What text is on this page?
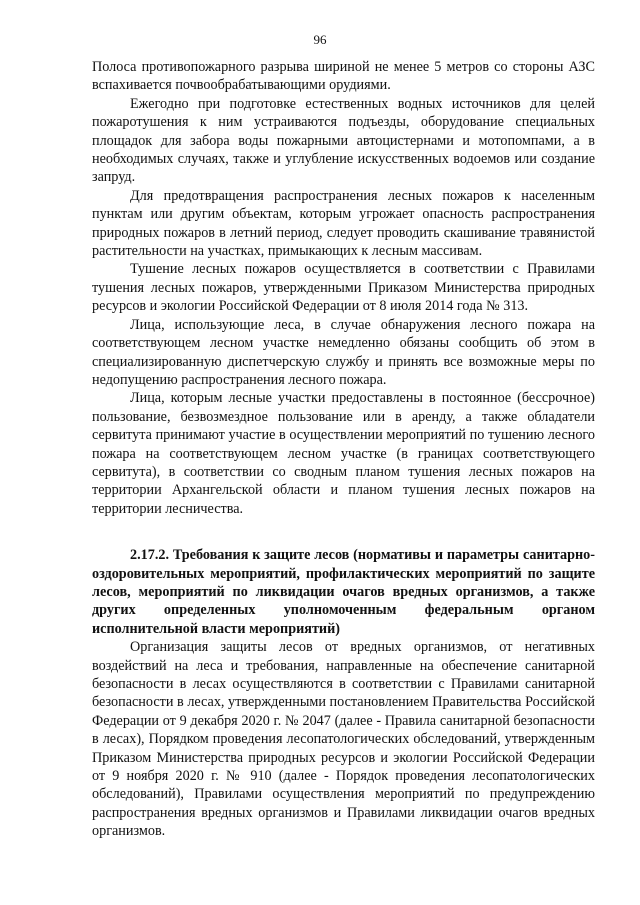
96

Полоса противопожарного разрыва шириной не менее 5 метров со стороны АЗС вспахивается почвообрабатывающими орудиями.

Ежегодно при подготовке естественных водных источников для целей пожаротушения к ним устраиваются подъезды, оборудование специальных площадок для забора воды пожарными автоцистернами и мотопомпами, а в необходимых случаях, также и углубление искусственных водоемов или создание запруд.

Для предотвращения распространения лесных пожаров к населенным пунктам или другим объектам, которым угрожает опасность распространения природных пожаров в летний период, следует проводить скашивание травянистой растительности на участках, примыкающих к лесным массивам.

Тушение лесных пожаров осуществляется в соответствии с Правилами тушения лесных пожаров, утвержденными Приказом Министерства природных ресурсов и экологии Российской Федерации от 8 июля 2014 года № 313.

Лица, использующие леса, в случае обнаружения лесного пожара на соответствующем лесном участке немедленно обязаны сообщить об этом в специализированную диспетчерскую службу и принять все возможные меры по недопущению распространения лесного пожара.

Лица, которым лесные участки предоставлены в постоянное (бессрочное) пользование, безвозмездное пользование или в аренду, а также обладатели сервитута принимают участие в осуществлении мероприятий по тушению лесного пожара на соответствующем лесном участке (в границах соответствующего сервитута), в соответствии со сводным планом тушения лесных пожаров на территории Архангельской области и планом тушения лесных пожаров на территории лесничества.

2.17.2. Требования к защите лесов (нормативы и параметры санитарно-оздоровительных мероприятий, профилактических мероприятий по защите лесов, мероприятий по ликвидации очагов вредных организмов, а также других определенных уполномоченным федеральным органом исполнительной власти мероприятий)

Организация защиты лесов от вредных организмов, от негативных воздействий на леса и требования, направленные на обеспечение санитарной безопасности в лесах осуществляются в соответствии с Правилами санитарной безопасности в лесах, утвержденными постановлением Правительства Российской Федерации от 9 декабря 2020 г. № 2047 (далее - Правила санитарной безопасности в лесах), Порядком проведения лесопатологических обследований, утвержденным Приказом Министерства природных ресурсов и экологии Российской Федерации от 9 ноября 2020 г. № 910 (далее - Порядок проведения лесопатологических обследований), Правилами осуществления мероприятий по предупреждению распространения вредных организмов и Правилами ликвидации очагов вредных организмов.
